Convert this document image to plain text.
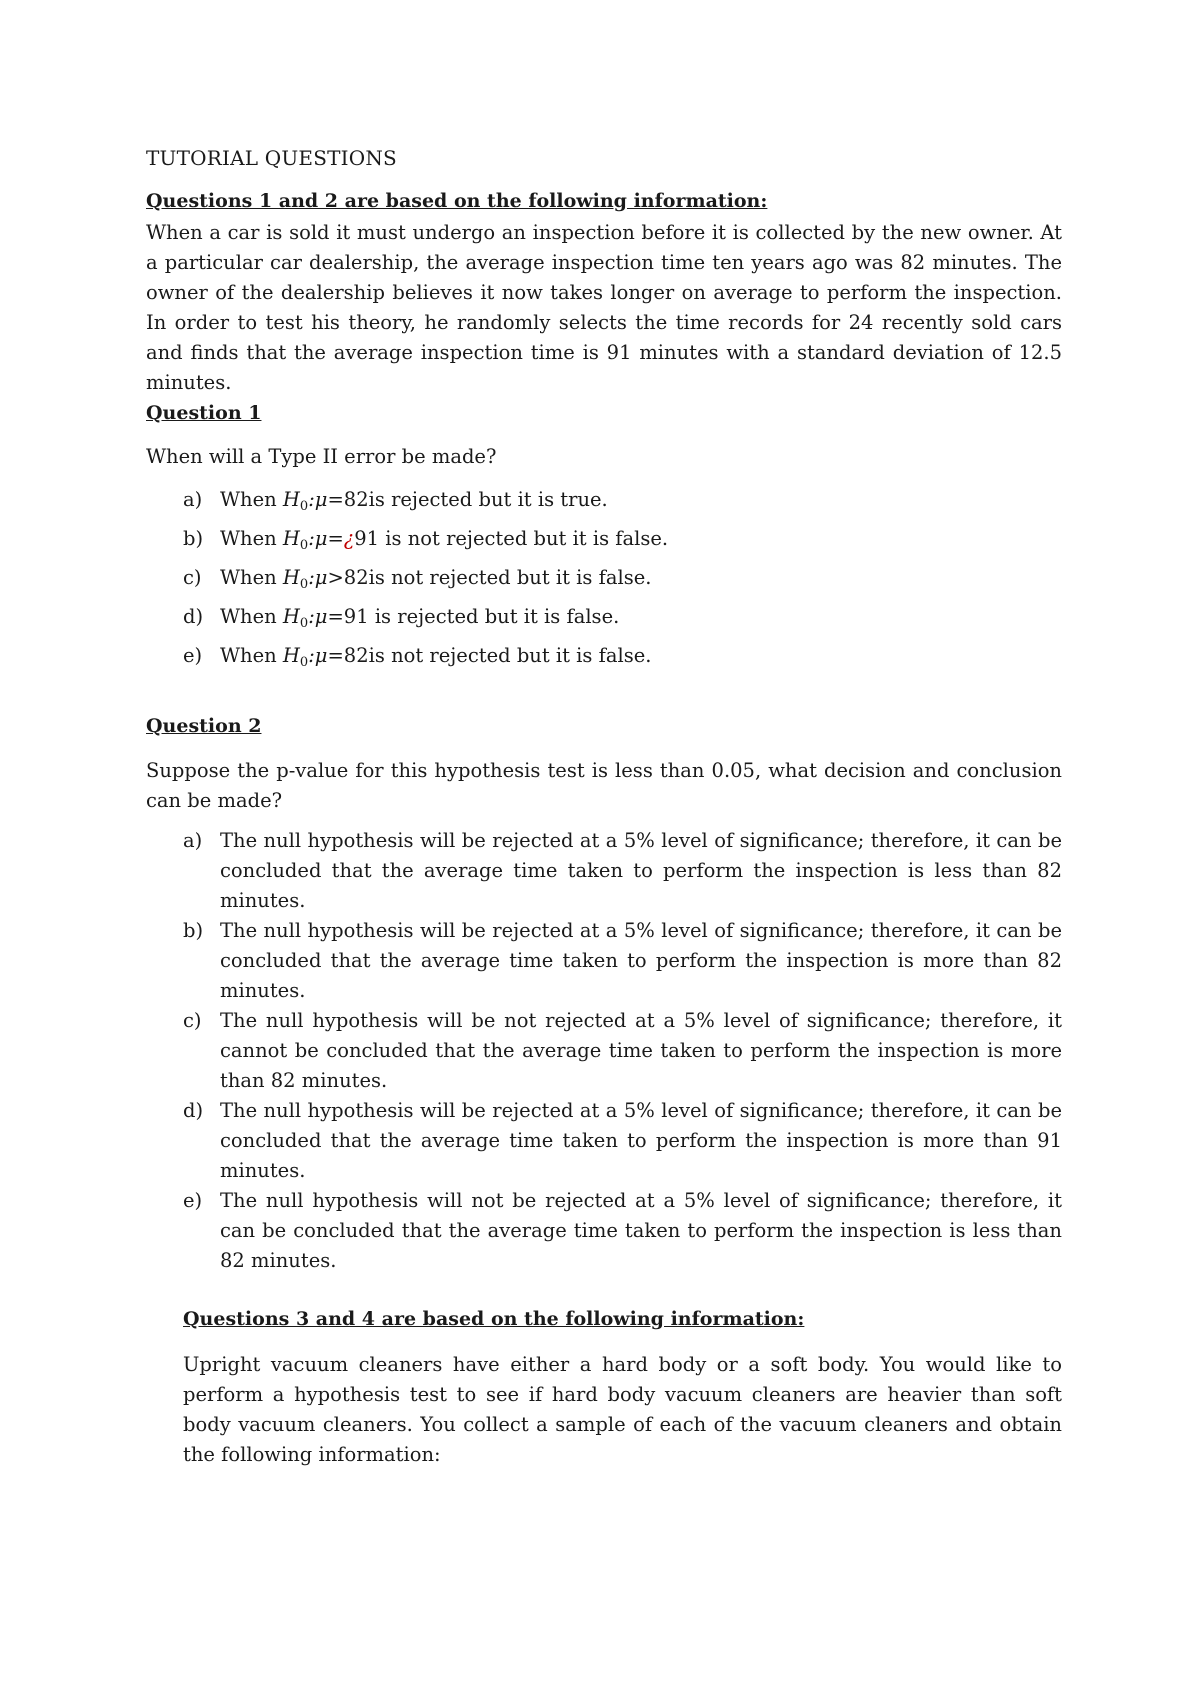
TUTORIAL QUESTIONS
Questions 1 and 2 are based on the following information:
When a car is sold it must undergo an inspection before it is collected by the new owner. At a particular car dealership, the average inspection time ten years ago was 82 minutes. The owner of the dealership believes it now takes longer on average to perform the inspection. In order to test his theory, he randomly selects the time records for 24 recently sold cars and finds that the average inspection time is 91 minutes with a standard deviation of 12.5 minutes.
Question 1
When will a Type II error be made?
a) When $H_0:\mu=82is$ rejected but it is true.
b) When $H_0:\mu=¿91$ is not rejected but it is false.
c) When $H_0:\mu>82is$ not rejected but it is false.
d) When $H_0:\mu=91$ is rejected but it is false.
e) When $H_0:\mu=82is$ not rejected but it is false.
Question 2
Suppose the p-value for this hypothesis test is less than 0.05, what decision and conclusion can be made?
a) The null hypothesis will be rejected at a 5% level of significance; therefore, it can be concluded that the average time taken to perform the inspection is less than 82 minutes.
b) The null hypothesis will be rejected at a 5% level of significance; therefore, it can be concluded that the average time taken to perform the inspection is more than 82 minutes.
c) The null hypothesis will be not rejected at a 5% level of significance; therefore, it cannot be concluded that the average time taken to perform the inspection is more than 82 minutes.
d) The null hypothesis will be rejected at a 5% level of significance; therefore, it can be concluded that the average time taken to perform the inspection is more than 91 minutes.
e) The null hypothesis will not be rejected at a 5% level of significance; therefore, it can be concluded that the average time taken to perform the inspection is less than 82 minutes.
Questions 3 and 4 are based on the following information:
Upright vacuum cleaners have either a hard body or a soft body. You would like to perform a hypothesis test to see if hard body vacuum cleaners are heavier than soft body vacuum cleaners. You collect a sample of each of the vacuum cleaners and obtain the following information:
